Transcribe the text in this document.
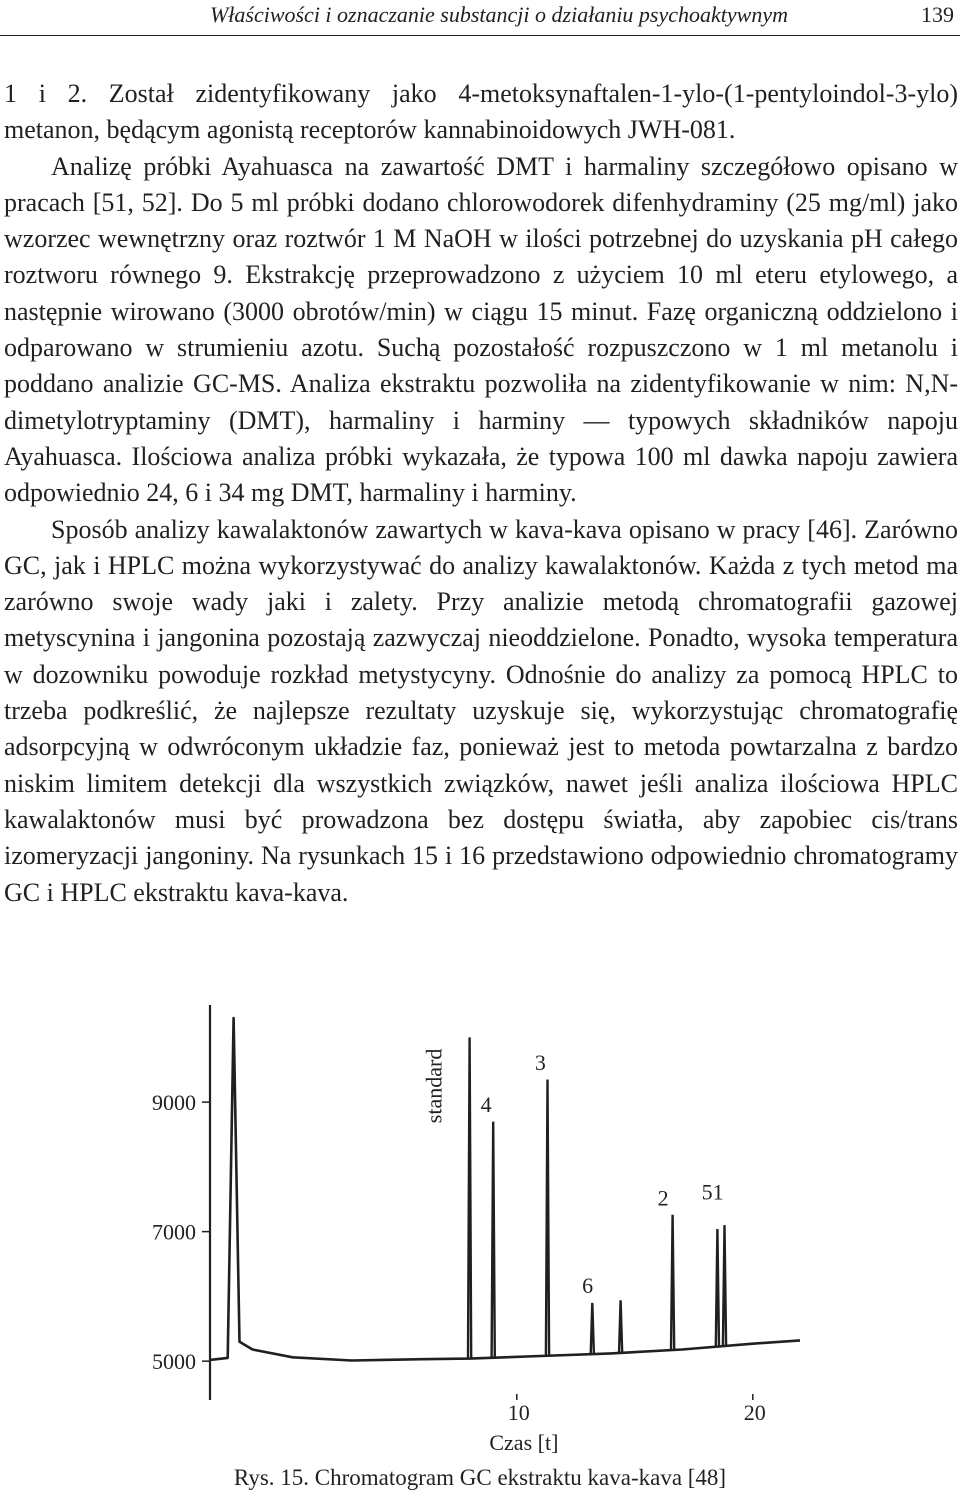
Właściwości i oznaczanie substancji o działaniu psychoaktywnym	139

1 i 2. Został zidentyfikowany jako 4-metoksynaftalen-1-ylo-(1-pentyloindol-3-ylo) metanon, będącym agonistą receptorów kannabinoidowych JWH-081.

Analizę próbki Ayahuasca na zawartość DMT i harmaliny szczegółowo opisano w pracach [51, 52]. Do 5 ml próbki dodano chlorowodorek difenhydraminy (25 mg/ml) jako wzorzec wewnętrzny oraz roztwór 1 M NaOH w ilości potrzebnej do uzyskania pH całego roztworu równego 9. Ekstrakcję przeprowadzono z użyciem 10 ml eteru etylowego, a następnie wirowano (3000 obrotów/min) w ciągu 15 minut. Fazę organiczną oddzielono i odparowano w strumieniu azotu. Suchą pozostałość rozpuszczono w 1 ml metanolu i poddano analizie GC-MS. Analiza ekstraktu pozwoliła na zidentyfikowanie w nim: N,N-dimetylotryptaminy (DMT), harmaliny i harminy — typowych składników napoju Ayahuasca. Ilościowa analiza próbki wykazała, że typowa 100 ml dawka napoju zawiera odpowiednio 24, 6 i 34 mg DMT, harmaliny i harminy.

Sposób analizy kawalaktonów zawartych w kava-kava opisano w pracy [46]. Zarówno GC, jak i HPLC można wykorzystywać do analizy kawalaktonów. Każda z tych metod ma zarówno swoje wady jaki i zalety. Przy analizie metodą chromatografii gazowej metyscynina i jangonina pozostają zazwyczaj nieoddzielone. Ponadto, wysoka temperatura w dozowniku powoduje rozkład metystycyny. Odnośnie do analizy za pomocą HPLC to trzeba podkreślić, że najlepsze rezultaty uzyskuje się, wykorzystując chromatografię adsorpcyjną w odwróconym układzie faz, ponieważ jest to metoda powtarzalna z bardzo niskim limitem detekcji dla wszystkich związków, nawet jeśli analiza ilościowa HPLC kawalaktonów musi być prowadzona bez dostępu światła, aby zapobiec cis/trans izomeryzacji jangoniny. Na rysunkach 15 i 16 przedstawiono odpowiednio chromatogramy GC i HPLC ekstraktu kava-kava.

9000
7000
5000
10	20
Czas [t]
standard 4
3
6
2 51
Rys. 15. Chromatogram GC ekstraktu kava-kava [48]
